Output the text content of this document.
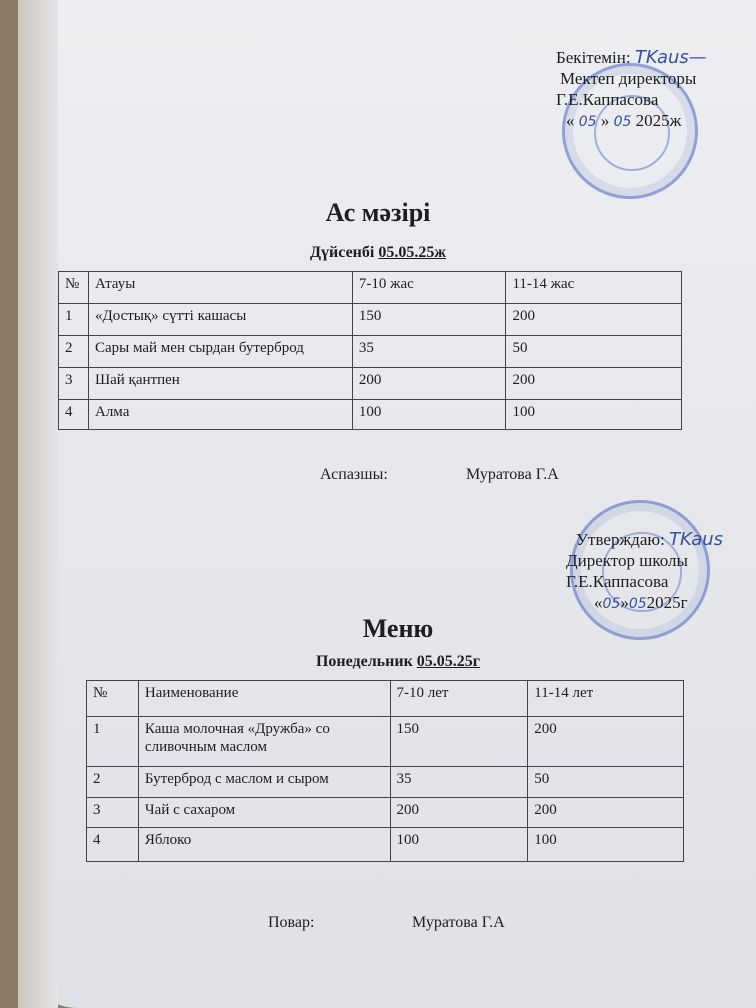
Бекітемін: TKaus—
Мектеп директоры
Г.Е.Каппасова
« 05 » 05 2025ж
Ас мәзірі
Дүйсенбі 05.05.25ж
№	Атауы	7-10 жас	11-14 жас
1	«Достық» сүтті кашасы	150	200
2	Сары май мен сырдан бутерброд	35	50
3	Шай қантпен	200	200
4	Алма	100	100
Аспазшы:	Муратова Г.А
Утверждаю: TKaus
Директор школы
Г.Е.Каппасова
«05»052025г
Меню
Понедельник 05.05.25г
№	Наименование	7-10 лет	11-14 лет
1	Каша молочная «Дружба» со сливочным маслом	150	200
2	Бутерброд с маслом и сыром	35	50
3	Чай с сахаром	200	200
4	Яблоко	100	100
Повар:	Муратова Г.А
